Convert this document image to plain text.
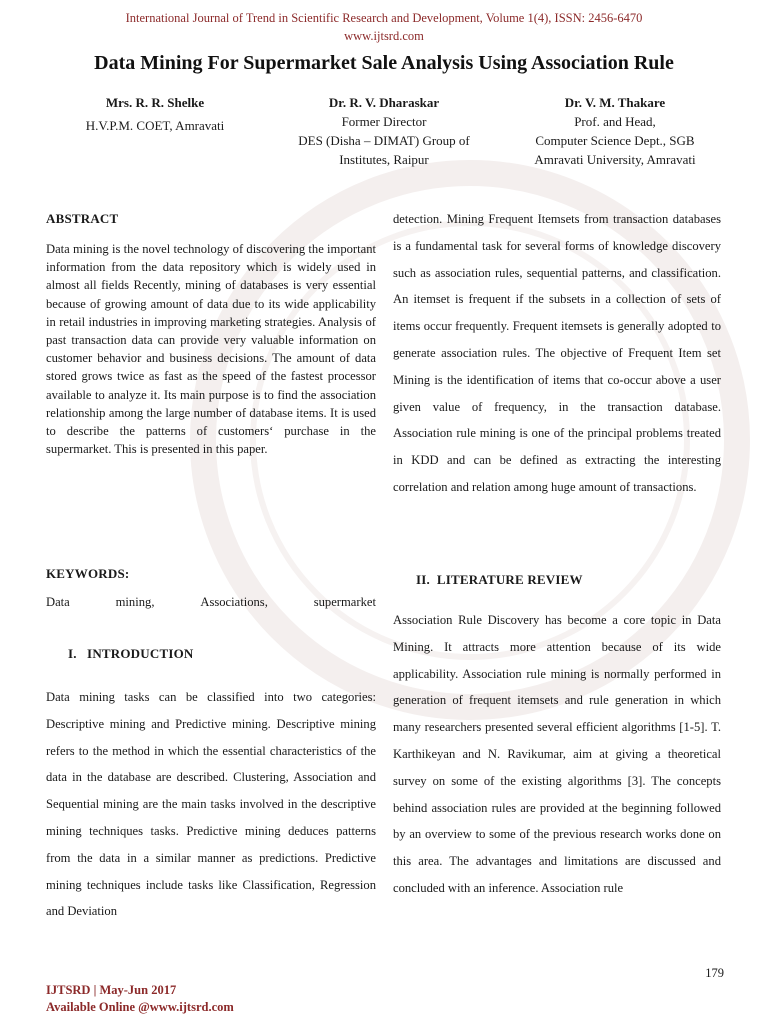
International Journal of Trend in Scientific Research and Development, Volume 1(4), ISSN: 2456-6470
www.ijtsrd.com
Data Mining For Supermarket Sale Analysis Using Association Rule
Mrs. R. R. Shelke
H.V.P.M. COET, Amravati
Dr. R. V. Dharaskar
Former Director
DES (Disha – DIMAT) Group of
Institutes, Raipur
Dr. V. M. Thakare
Prof. and Head,
Computer Science Dept., SGB
Amravati University, Amravati
ABSTRACT
Data mining is the novel technology of discovering the important information from the data repository which is widely used in almost all fields Recently, mining of databases is very essential because of growing amount of data due to its wide applicability in retail industries in improving marketing strategies. Analysis of past transaction data can provide very valuable information on customer behavior and business decisions. The amount of data stored grows twice as fast as the speed of the fastest processor available to analyze it. Its main purpose is to find the association relationship among the large number of database items. It is used to describe the patterns of customers‘ purchase in the supermarket. This is presented in this paper.
KEYWORDS:
Data	mining,	Associations,	supermarket
I.   INTRODUCTION
Data mining tasks can be classified into two categories: Descriptive mining and Predictive mining. Descriptive mining refers to the method in which the essential characteristics of the data in the database are described. Clustering, Association and Sequential mining are the main tasks involved in the descriptive mining techniques tasks. Predictive mining deduces patterns from the data in a similar manner as predictions. Predictive mining techniques include tasks like Classification, Regression and Deviation
detection. Mining Frequent Itemsets from transaction databases is a fundamental task for several forms of knowledge discovery such as association rules, sequential patterns, and classification. An itemset is frequent if the subsets in a collection of sets of items occur frequently. Frequent itemsets is generally adopted to generate association rules. The objective of Frequent Item set Mining is the identification of items that co-occur above a user given value of frequency, in the transaction database. Association rule mining is one of the principal problems treated in KDD and can be defined as extracting the interesting correlation and relation among huge amount of transactions.
II.  LITERATURE REVIEW
Association Rule Discovery has become a core topic in Data Mining. It attracts more attention because of its wide applicability. Association rule mining is normally performed in generation of frequent itemsets and rule generation in which many researchers presented several efficient algorithms [1-5]. T. Karthikeyan and N. Ravikumar, aim at giving a theoretical survey on some of the existing algorithms [3]. The concepts behind association rules are provided at the beginning followed by an overview to some of the previous research works done on this area. The advantages and limitations are discussed and concluded with an inference. Association rule
179
IJTSRD | May-Jun 2017
Available Online @www.ijtsrd.com
